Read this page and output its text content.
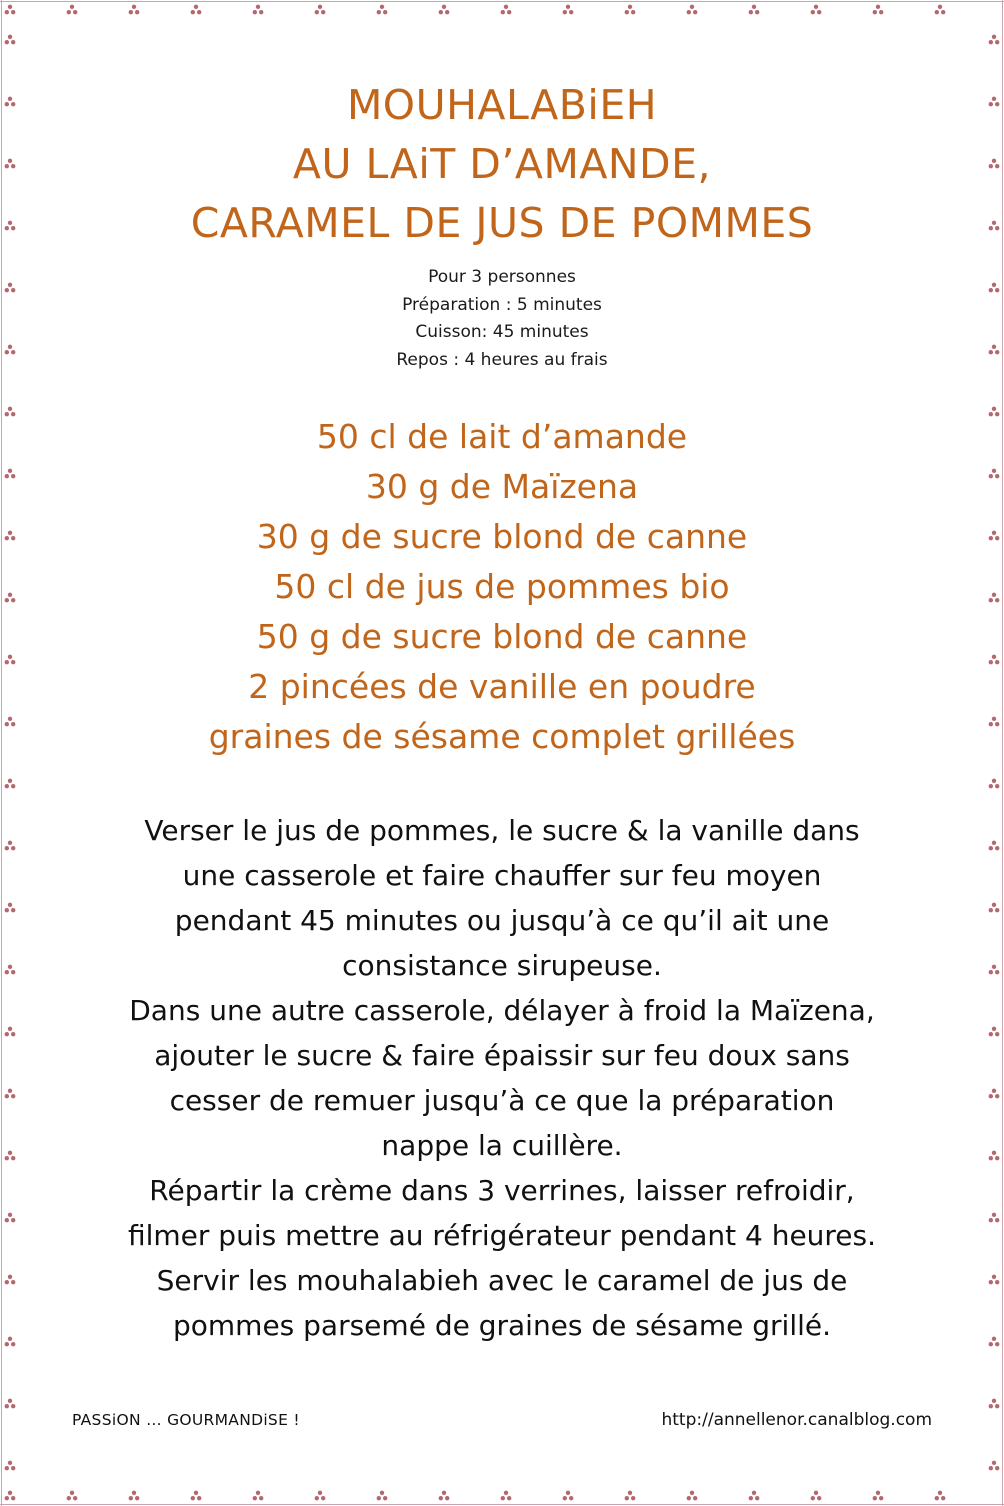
MOUHALABiEH
AU LAiT D’AMANDE,
CARAMEL DE JUS DE POMMES
Pour 3 personnes
Préparation : 5 minutes
Cuisson: 45 minutes
Repos : 4 heures au frais
50 cl de lait d’amande
30 g de Maïzena
30 g de sucre blond de canne
50 cl de jus de pommes bio
50 g de sucre blond de canne
2 pincées de vanille en poudre
graines de sésame complet grillées
Verser le jus de pommes, le sucre & la vanille dans
une casserole et faire chauffer sur feu moyen
pendant 45 minutes ou jusqu’à ce qu’il ait une
consistance sirupeuse.
Dans une autre casserole, délayer à froid la Maïzena,
ajouter le sucre & faire épaissir sur feu doux sans
cesser de remuer jusqu’à ce que la préparation
nappe la cuillère.
Répartir la crème dans 3 verrines, laisser refroidir,
filmer puis mettre au réfrigérateur pendant 4 heures.
Servir les mouhalabieh avec le caramel de jus de
pommes parsemé de graines de sésame grillé.
PASSiON … GOURMANDiSE !	http://annellenor.canalblog.com
